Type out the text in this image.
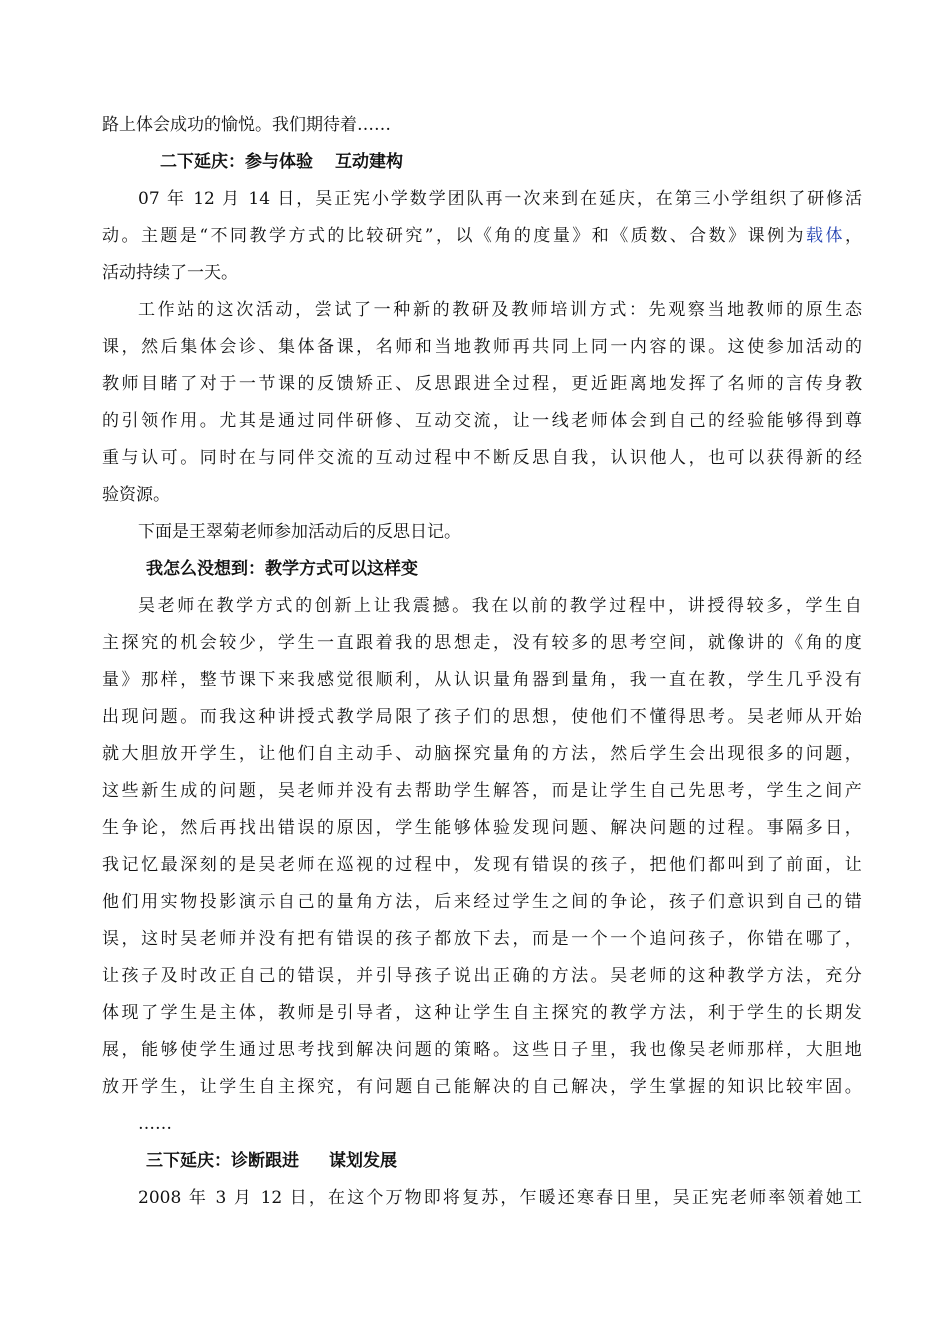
路上体会成功的愉悦。我们期待着……
二下延庆：参与体验 互动建构
07 年 12 月 14 日，吴正宪小学数学团队再一次来到在延庆，在第三小学组织了研修活
动。主题是“不同教学方式的比较研究”，以《角的度量》和《质数、合数》课例为载体，
活动持续了一天。
工作站的这次活动，尝试了一种新的教研及教师培训方式：先观察当地教师的原生态
课，然后集体会诊、集体备课，名师和当地教师再共同上同一内容的课。这使参加活动的
教师目睹了对于一节课的反馈矫正、反思跟进全过程，更近距离地发挥了名师的言传身教
的引领作用。尤其是通过同伴研修、互动交流，让一线老师体会到自己的经验能够得到尊
重与认可。同时在与同伴交流的互动过程中不断反思自我，认识他人，也可以获得新的经
验资源。
下面是王翠菊老师参加活动后的反思日记。
我怎么没想到：教学方式可以这样变
吴老师在教学方式的创新上让我震撼。我在以前的教学过程中，讲授得较多，学生自
主探究的机会较少，学生一直跟着我的思想走，没有较多的思考空间，就像讲的《角的度
量》那样，整节课下来我感觉很顺利，从认识量角器到量角，我一直在教，学生几乎没有
出现问题。而我这种讲授式教学局限了孩子们的思想，使他们不懂得思考。吴老师从开始
就大胆放开学生，让他们自主动手、动脑探究量角的方法，然后学生会出现很多的问题，
这些新生成的问题，吴老师并没有去帮助学生解答，而是让学生自己先思考，学生之间产
生争论，然后再找出错误的原因，学生能够体验发现问题、解决问题的过程。事隔多日，
我记忆最深刻的是吴老师在巡视的过程中，发现有错误的孩子，把他们都叫到了前面，让
他们用实物投影演示自己的量角方法，后来经过学生之间的争论，孩子们意识到自己的错
误，这时吴老师并没有把有错误的孩子都放下去，而是一个一个追问孩子，你错在哪了，
让孩子及时改正自己的错误，并引导孩子说出正确的方法。吴老师的这种教学方法，充分
体现了学生是主体，教师是引导者，这种让学生自主探究的教学方法，利于学生的长期发
展，能够使学生通过思考找到解决问题的策略。这些日子里，我也像吴老师那样，大胆地
放开学生，让学生自主探究，有问题自己能解决的自己解决，学生掌握的知识比较牢固。
……
三下延庆：诊断跟进 谋划发展
2008 年 3 月 12 日，在这个万物即将复苏，乍暖还寒春日里，吴正宪老师率领着她工
